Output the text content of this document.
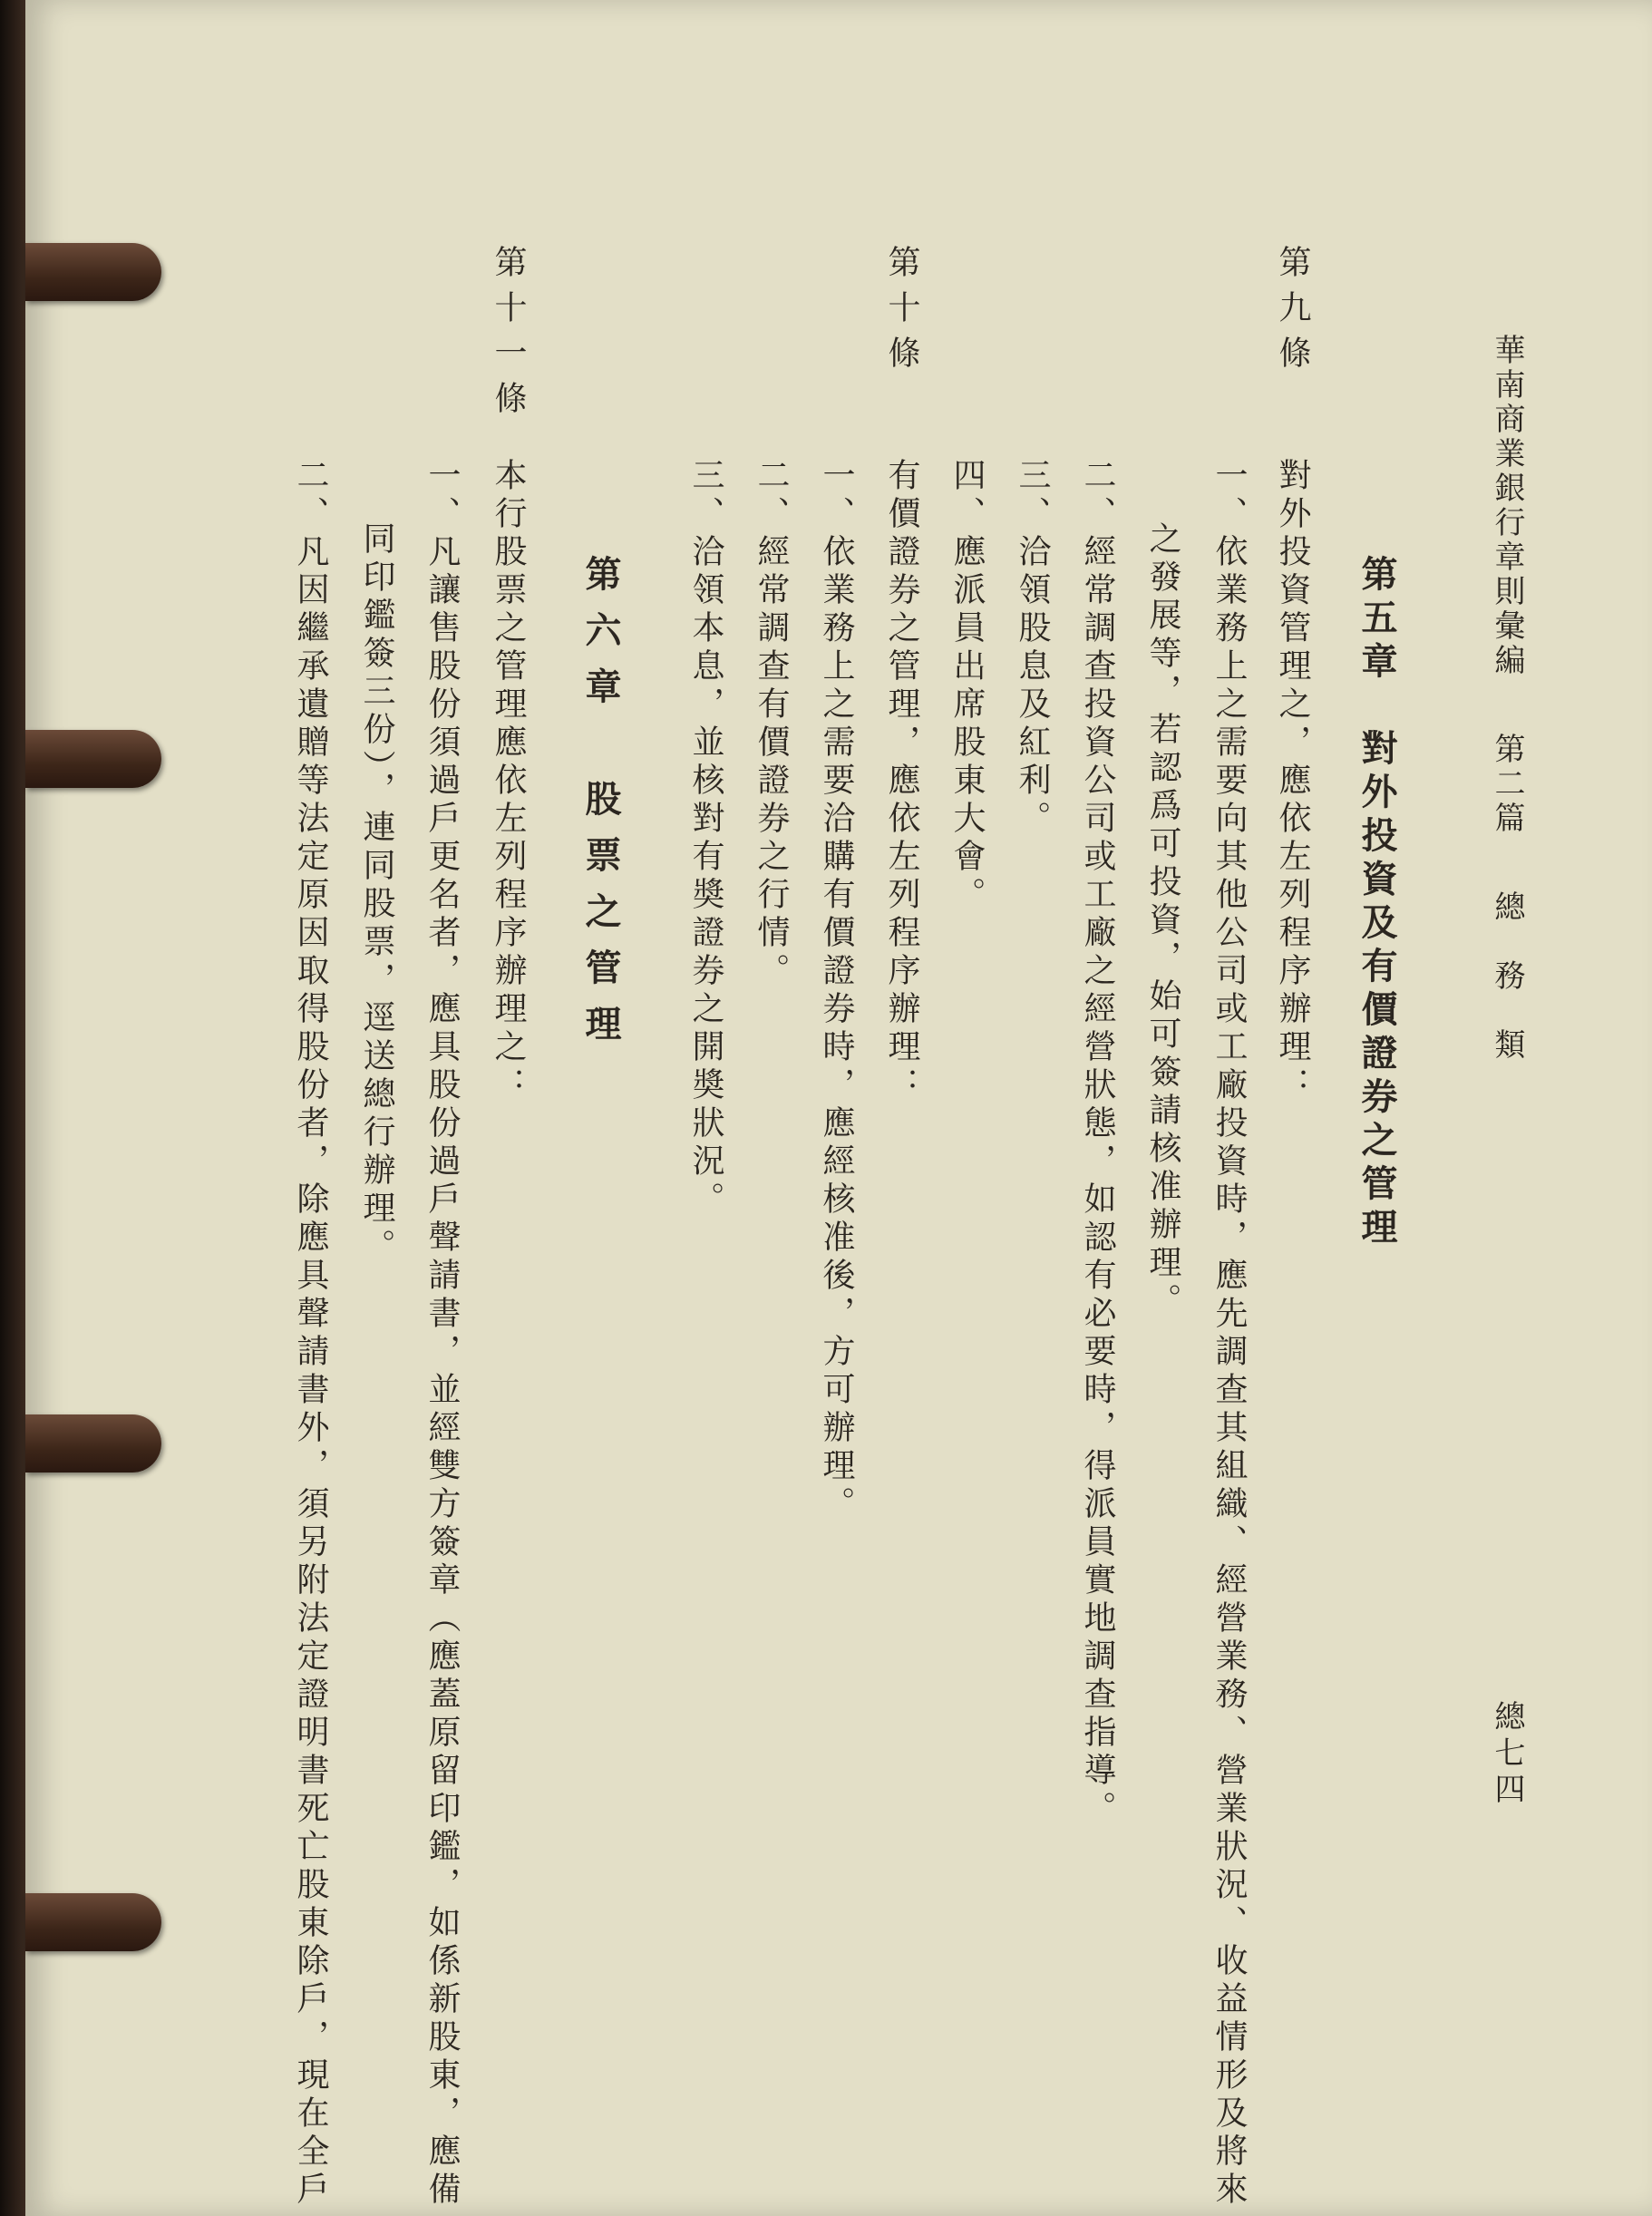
華南商業銀行章則彙編第二篇總　務　類
總七四
第五章　對外投資及有價證券之管理
第九條
對外投資管理之，應依左列程序辦理：
一、依業務上之需要向其他公司或工廠投資時，應先調查其組織、經營業務、營業狀況、收益情形及將來
之發展等，若認爲可投資，始可簽請核准辦理。
二、經常調查投資公司或工廠之經營狀態，如認有必要時，得派員實地調查指導。
三、洽領股息及紅利。
四、應派員出席股東大會。
第十條
有價證券之管理，應依左列程序辦理：
一、依業務上之需要洽購有價證券時，應經核准後，方可辦理。
二、經常調查有價證券之行情。
三、洽領本息，並核對有奬證券之開奬狀況。
第六章　股票之管理
第十一條
本行股票之管理應依左列程序辦理之：
一、凡讓售股份須過戶更名者，應具股份過戶聲請書，並經雙方簽章（應蓋原留印鑑，如係新股東，應備
同印鑑簽三份），連同股票，逕送總行辦理。
二、凡因繼承遺贈等法定原因取得股份者，除應具聲請書外，須另附法定證明書死亡股東除戶，現在全戶
